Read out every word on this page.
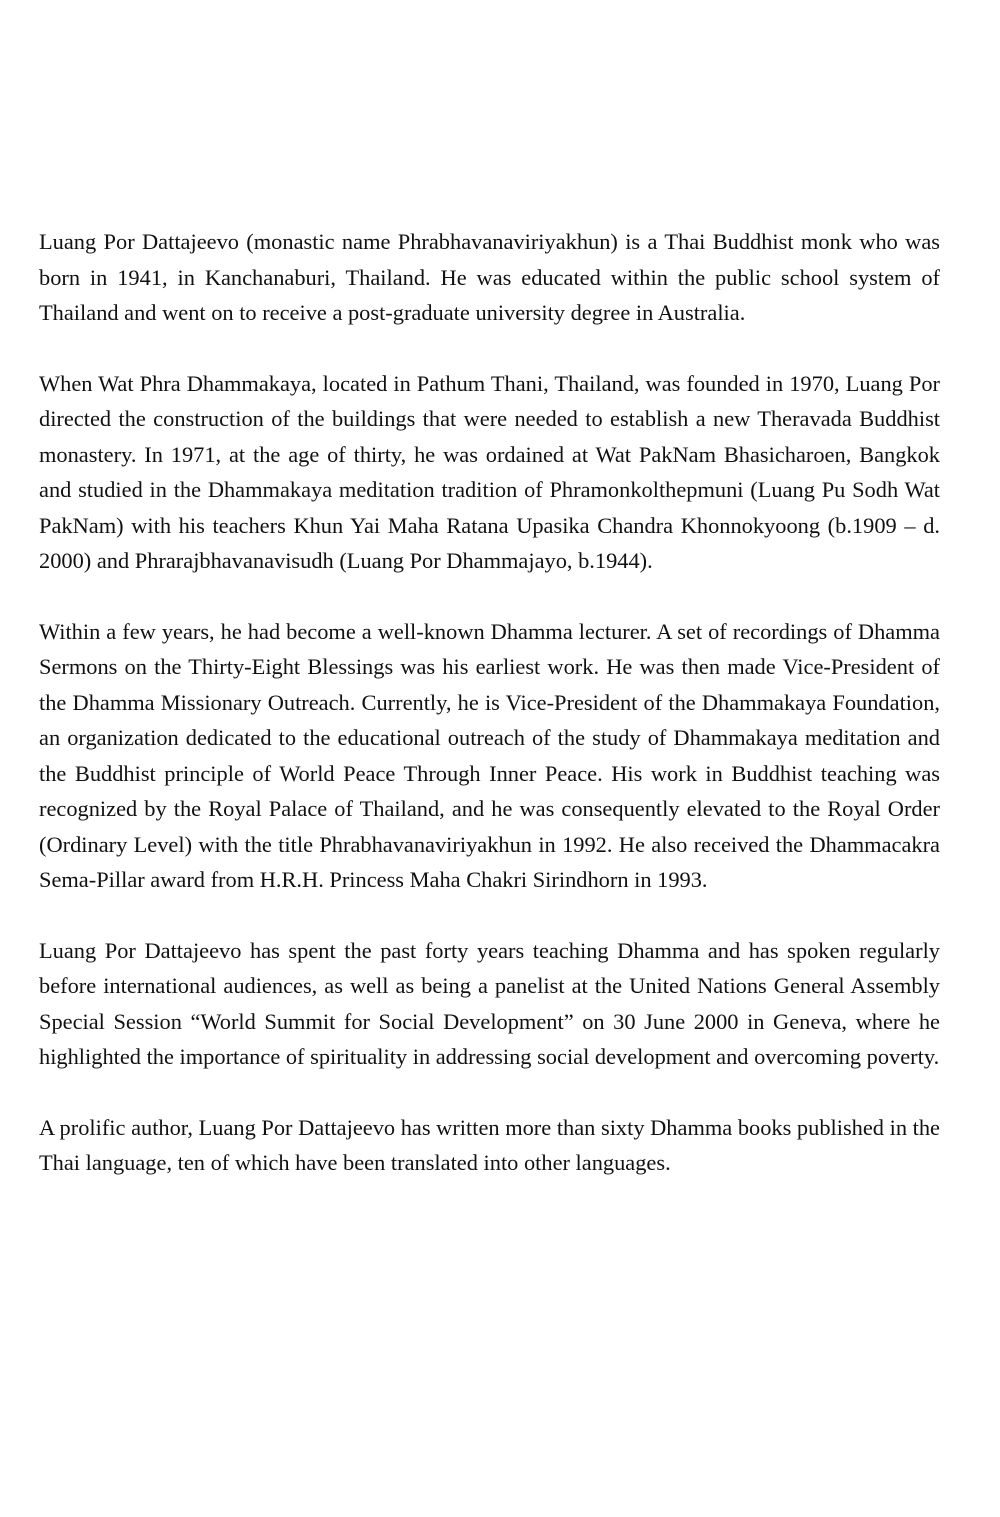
Luang Por Dattajeevo (monastic name Phrabhavanaviriyakhun) is a Thai Buddhist monk who was born in 1941, in Kanchanaburi, Thailand. He was educated within the public school system of Thailand and went on to receive a post-graduate university degree in Australia.

When Wat Phra Dhammakaya, located in Pathum Thani, Thailand, was founded in 1970, Luang Por directed the construction of the buildings that were needed to establish a new Theravada Buddhist monastery. In 1971, at the age of thirty, he was ordained at Wat PakNam Bhasicharoen, Bangkok and studied in the Dhammakaya meditation tradition of Phramonkolthepmuni (Luang Pu Sodh Wat PakNam) with his teachers Khun Yai Maha Ratana Upasika Chandra Khonnokyoong (b.1909 – d. 2000) and Phrarajbhavanavisudh (Luang Por Dhammajayo, b.1944).

Within a few years, he had become a well-known Dhamma lecturer. A set of recordings of Dhamma Sermons on the Thirty-Eight Blessings was his earliest work. He was then made Vice-President of the Dhamma Missionary Outreach. Currently, he is Vice-President of the Dhammakaya Foundation, an organization dedicated to the educational outreach of the study of Dhammakaya meditation and the Buddhist principle of World Peace Through Inner Peace. His work in Buddhist teaching was recognized by the Royal Palace of Thailand, and he was consequently elevated to the Royal Order (Ordinary Level) with the title Phrabhavanaviriyakhun in 1992. He also received the Dhammacakra Sema-Pillar award from H.R.H. Princess Maha Chakri Sirindhorn in 1993.

Luang Por Dattajeevo has spent the past forty years teaching Dhamma and has spoken regularly before international audiences, as well as being a panelist at the United Nations General Assembly Special Session “World Summit for Social Development” on 30 June 2000 in Geneva, where he highlighted the importance of spirituality in addressing social development and overcoming poverty.

A prolific author, Luang Por Dattajeevo has written more than sixty Dhamma books published in the Thai language, ten of which have been translated into other languages.
